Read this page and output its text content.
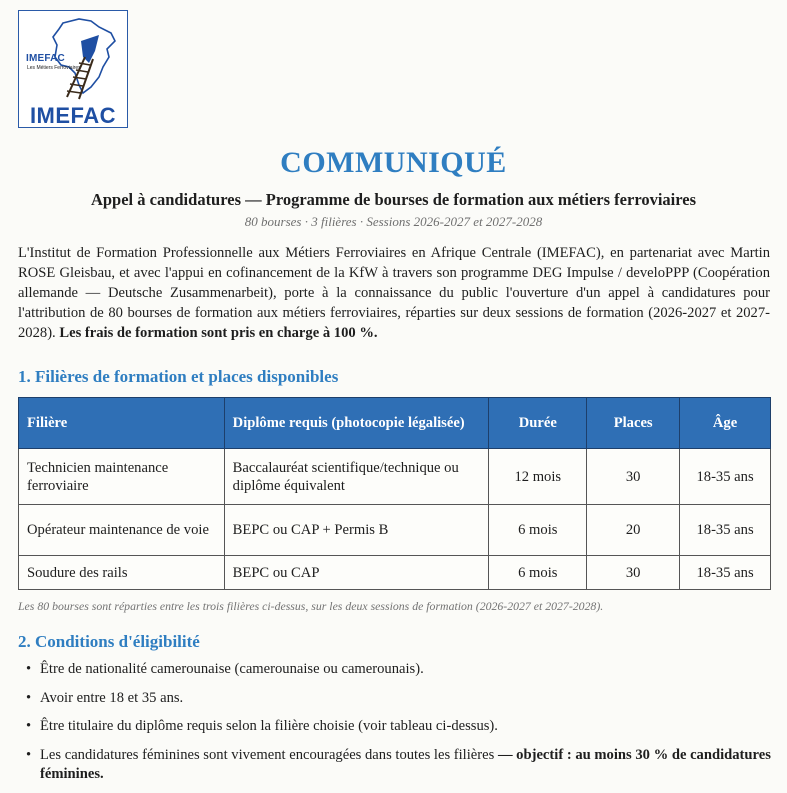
IMEFAC
Les Métiers Ferroviaires
IMEFAC
COMMUNIQUÉ
Appel à candidatures — Programme de bourses de formation aux métiers ferroviaires
80 bourses · 3 filières · Sessions 2026-2027 et 2027-2028

L'Institut de Formation Professionnelle aux Métiers Ferroviaires en Afrique Centrale (IMEFAC), en partenariat avec Martin ROSE Gleisbau, et avec l'appui en cofinancement de la KfW à travers son programme DEG Impulse / develoPPP (Coopération allemande — Deutsche Zusammenarbeit), porte à la connaissance du public l'ouverture d'un appel à candidatures pour l'attribution de 80 bourses de formation aux métiers ferroviaires, réparties sur deux sessions de formation (2026-2027 et 2027-2028). Les frais de formation sont pris en charge à 100 %.

1. Filières de formation et places disponibles
Filière	Diplôme requis (photocopie légalisée)	Durée	Places	Âge
Technicien maintenance ferroviaire	Baccalauréat scientifique/technique ou diplôme équivalent	12 mois	30	18-35 ans
Opérateur maintenance de voie	BEPC ou CAP + Permis B	6 mois	20	18-35 ans
Soudure des rails	BEPC ou CAP	6 mois	30	18-35 ans
Les 80 bourses sont réparties entre les trois filières ci-dessus, sur les deux sessions de formation (2026-2027 et 2027-2028).
2. Conditions d'éligibilité
• Être de nationalité camerounaise (camerounaise ou camerounais).
• Avoir entre 18 et 35 ans.
• Être titulaire du diplôme requis selon la filière choisie (voir tableau ci-dessus).
• Les candidatures féminines sont vivement encouragées dans toutes les filières — objectif : au moins 30 % de candidatures féminines.
